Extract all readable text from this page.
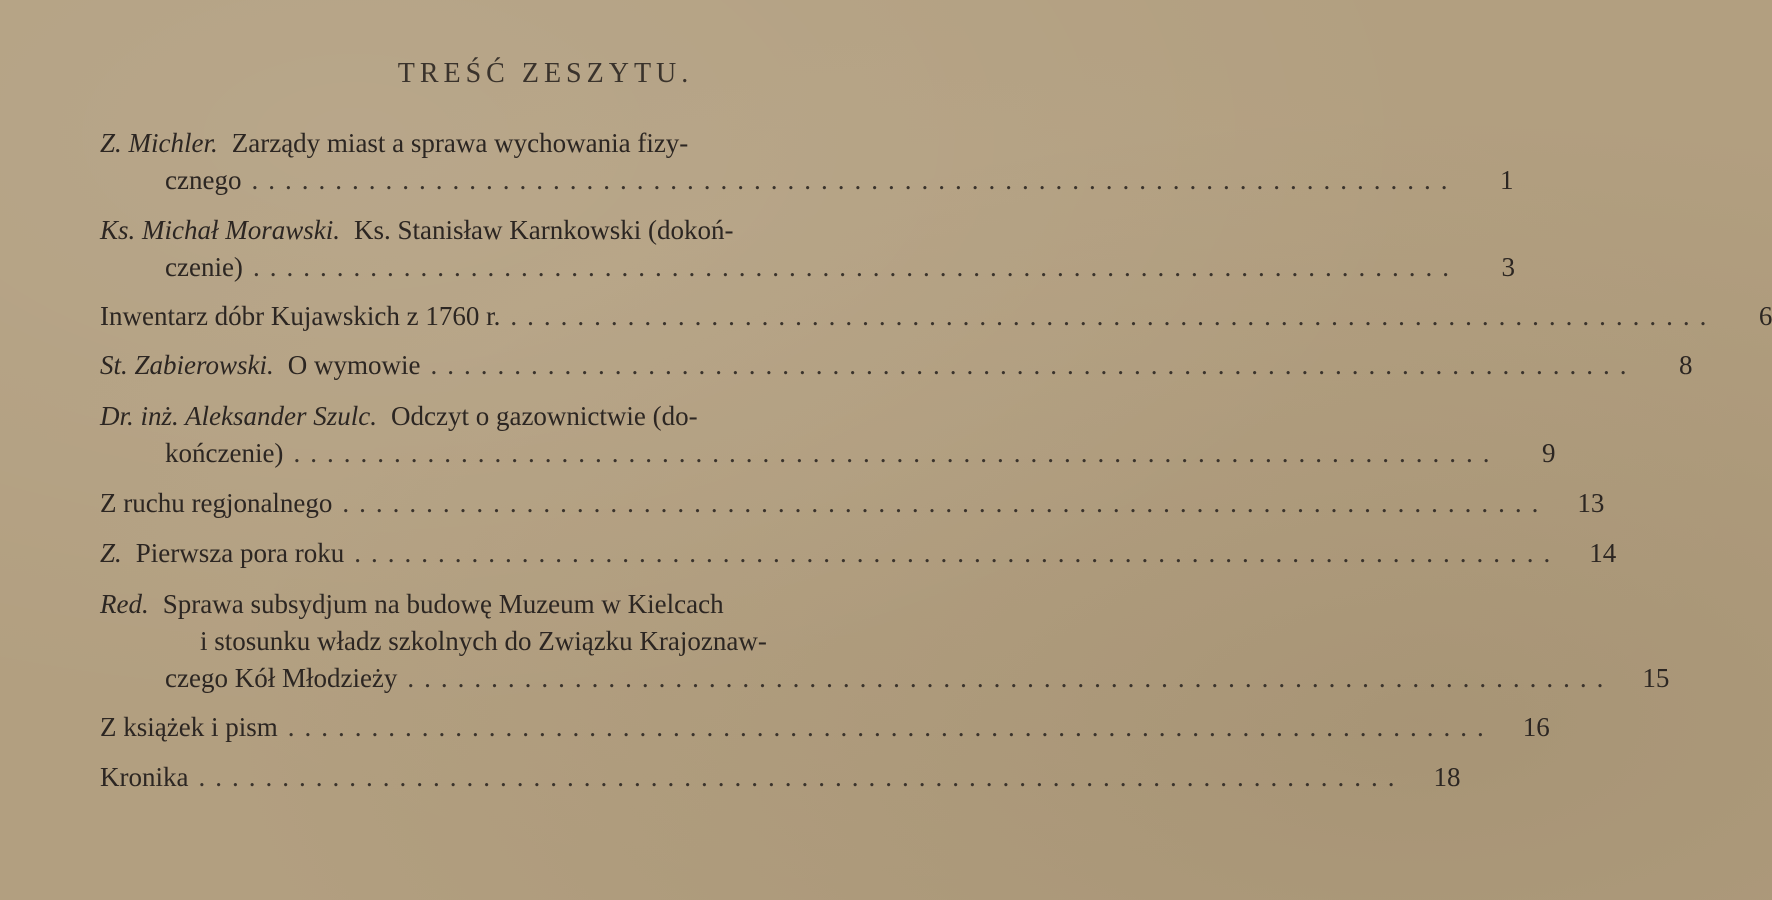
TREŚĆ ZESZYTU.
Z. Michler. Zarządy miast a sprawa wychowania fizy-
cznego ........................................................................	1
Ks. Michał Morawski. Ks. Stanisław Karnkowski (dokoń-
czenie) ........................................................................	3
Inwentarz dóbr Kujawskich z 1760 r. ........................................................................	6
St. Zabierowski. O wymowie ........................................................................	8
Dr. inż. Aleksander Szulc. Odczyt o gazownictwie (do-
kończenie) ........................................................................	9
Z ruchu regjonalnego ........................................................................	13
Z. Pierwsza pora roku ........................................................................	14
Red. Sprawa subsydjum na budowę Muzeum w Kielcach
i stosunku władz szkolnych do Związku Krajoznaw-
czego Kół Młodzieży ........................................................................	15
Z książek i pism ........................................................................	16
Kronika ........................................................................	18
